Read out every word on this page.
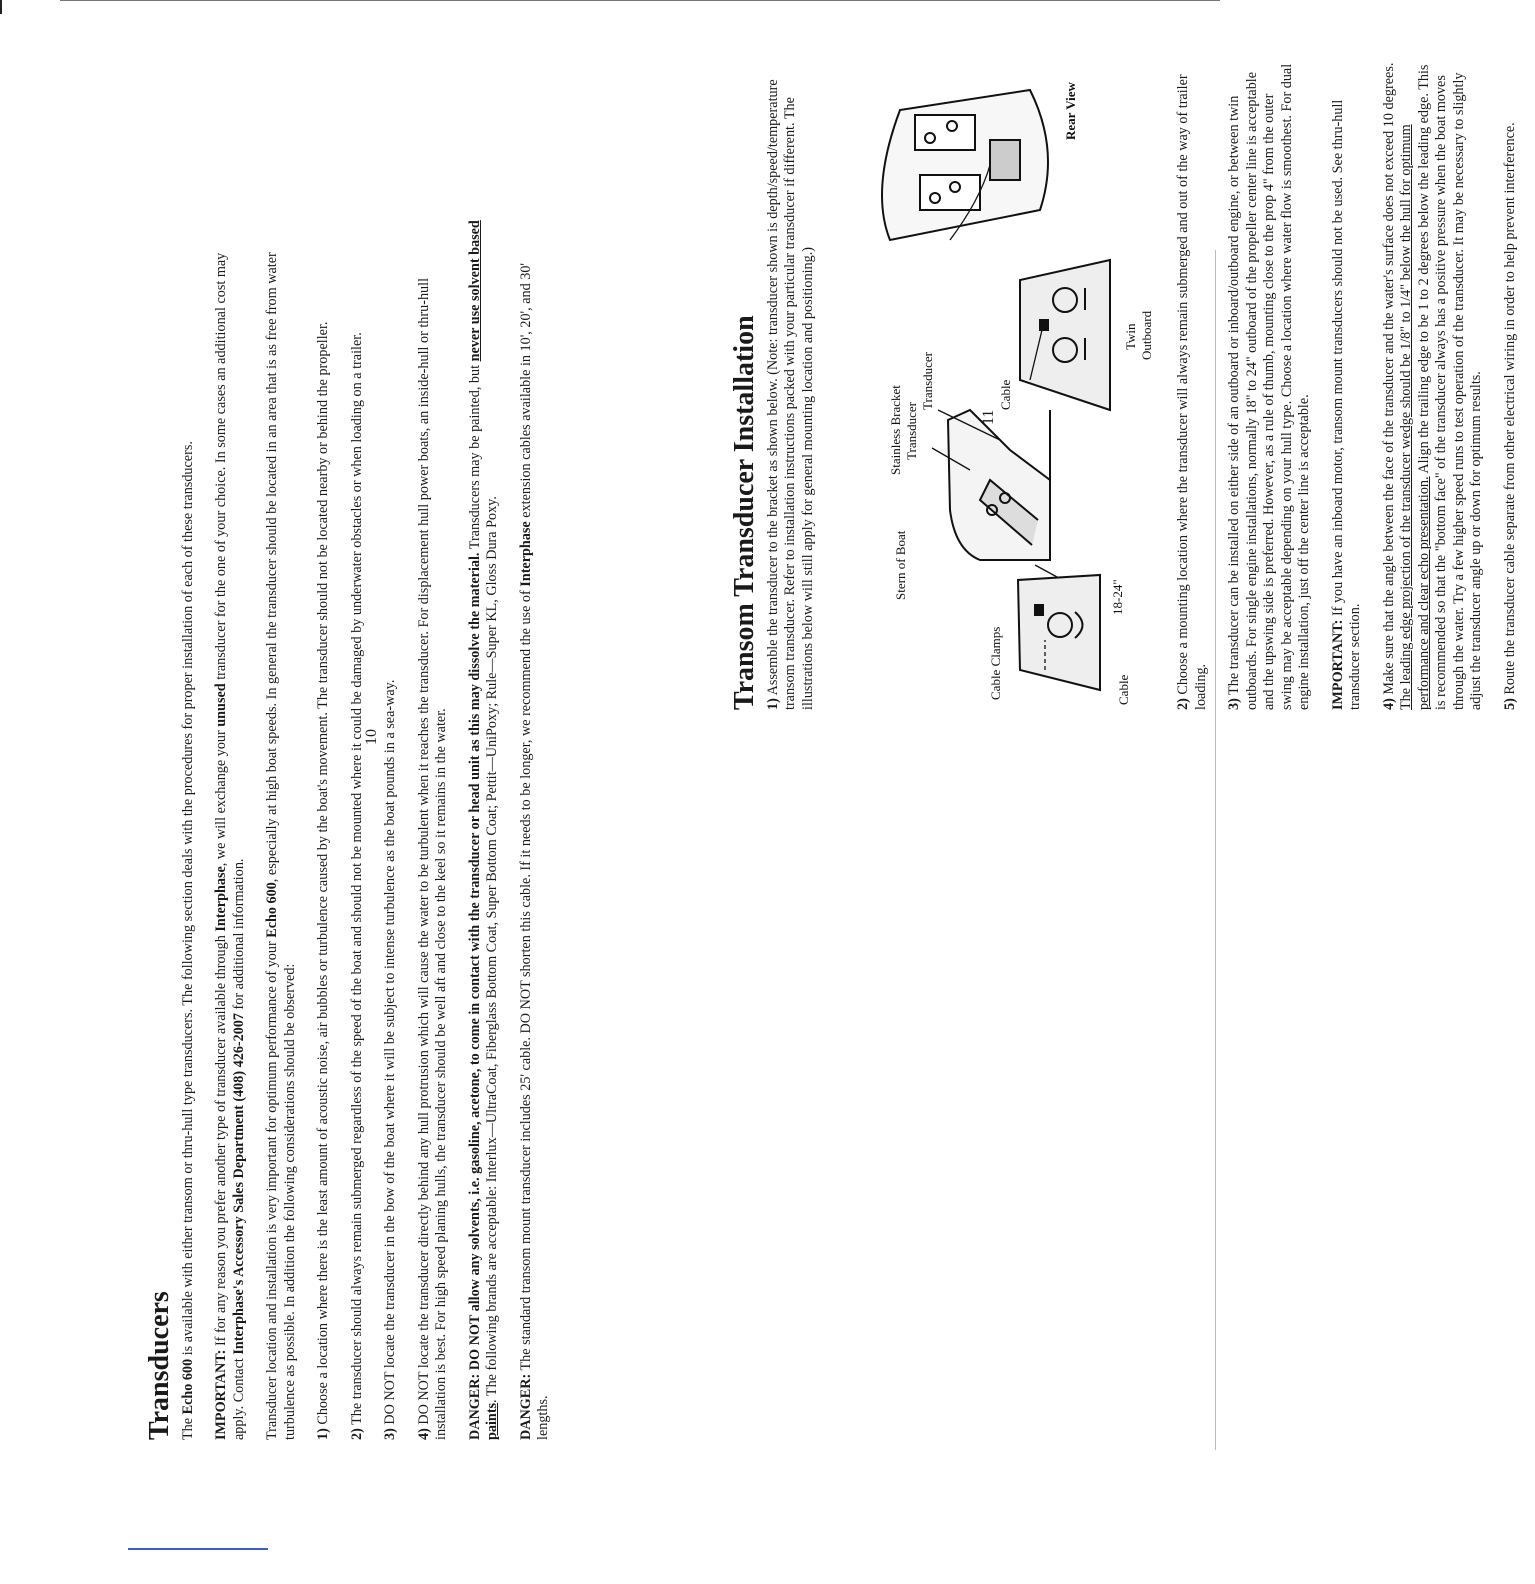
Transducers The Echo 600 is available with either transom or thru-hull type transducers. The following section deals with the procedures for proper installation of each of these transducers.

IMPORTANT: If for any reason you prefer another type of transducer available through Interphase, we will exchange your unused transducer for the one of your choice. In some cases an additional cost may apply. Contact Interphase's Accessory Sales Department (408) 426-2007 for additional information.

Transducer location and installation is very important for optimum performance of your Echo 600, especially at high boat speeds. In general the transducer should be located in an area that is as free from water turbulence as possible. In addition the following considerations should be observed: 1) Choose a location where there is the least amount of acoustic noise, air bubbles or turbulence caused by the boat's movement. The transducer should not be located nearby or behind the propeller.

2) The transducer should always remain submerged regardless of the speed of the boat and should not be mounted where it could be damaged by underwater obstacles or when loading on a trailer.

3) DO NOT locate the transducer in the bow of the boat where it will be subject to intense turbulence as the boat pounds in a sea-way.

4) DO NOT locate the transducer directly behind any hull protrusion which will cause the water to be turbulent when it reaches the transducer. For displacement hull power boats, an inside-hull or thru-hull installation is best. For high speed planing hulls, the transducer should be well aft and close to the keel so it remains in the water. DANGER: DO NOT allow any solvents, i.e. gasoline, acetone, to come in contact with the transducer or head unit as this may dissolve the material. Transducers may be painted, but never use solvent based paints. The following brands are acceptable: Interlux—UltraCoat, Fiberglass Bottom Coat, Super Bottom Coat; Pettit—UniPoxy; Rule—Super KL, Gloss Dura Poxy.

DANGER: The standard transom mount transducer includes 25' cable. DO NOT shorten this cable. If it needs to be longer, we recommend the use of Interphase extension cables available in 10', 20', and 30' lengths.

10
Transom Transducer Installation 1) Assemble the transducer to the bracket as shown below. (Note: transducer shown is depth/speed/temperature transom transducer. Refer to installation instructions packed with your particular transducer if different. The illustrations below will still apply for general mounting location and positioning.)	Stern of Boat
Stainless Bracket Transducer
Transducer
Cable Clamps	Cable
Cable
18-24"
Twin Outboard
Rear View

2) Choose a mounting location where the transducer will always remain submerged and out of the way of trailer loading. 3) The transducer can be installed on either side of an outboard or inboard/outboard engine, or between twin outboards. For single engine installations, normally 18" to 24" outboard of the propeller center line is acceptable and the upswing side is preferred. However, as a rule of thumb, mounting close to the prop 4" from the outer swing may be acceptable depending on your hull type. Choose a location where water flow is smoothest. For dual engine installation, just off the center line is acceptable. IMPORTANT: If you have an inboard motor, transom mount transducers should not be used. See thru-hull transducer section. 4) Make sure that the angle between the face of the transducer and the water's surface does not exceed 10 degrees. The leading edge projection of the transducer wedge should be 1/8" to 1/4" below the hull for optimum performance and clear echo presentation. Align the trailing edge to be 1 to 2 degrees below the leading edge. This is recommended so that the "bottom face" of the transducer always has a positive pressure when the boat moves through the water. Try a few higher speed runs to test operation of the transducer. It may be necessary to slightly adjust the transducer angle up or down for optimum results. 5) Route the transducer cable separate from other electrical wiring in order to help prevent interference.

11
